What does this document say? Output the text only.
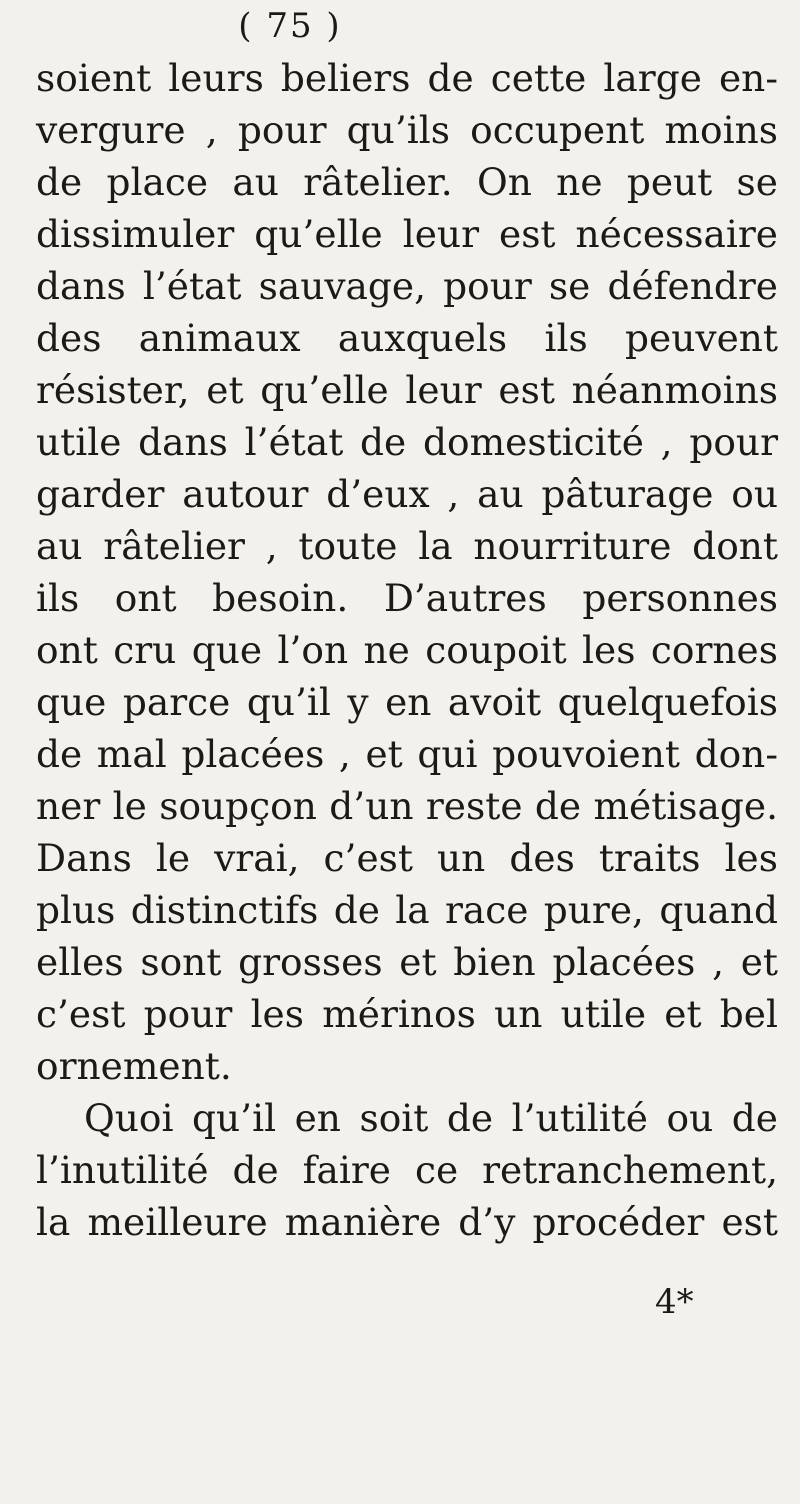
( 75 )
soient leurs beliers de cette large en-
vergure , pour qu’ils occupent moins
de place au râtelier. On ne peut se
dissimuler qu’elle leur est nécessaire
dans l’état sauvage, pour se défendre
des animaux auxquels ils peuvent
résister, et qu’elle leur est néanmoins
utile dans l’état de domesticité , pour
garder autour d’eux , au pâturage ou
au râtelier , toute la nourriture dont
ils ont besoin. D’autres personnes
ont cru que l’on ne coupoit les cornes
que parce qu’il y en avoit quelquefois
de mal placées , et qui pouvoient don-
ner le soupçon d’un reste de métisage.
Dans le vrai, c’est un des traits les
plus distinctifs de la race pure, quand
elles sont grosses et bien placées , et
c’est pour les mérinos un utile et bel
ornement.
Quoi qu’il en soit de l’utilité ou de
l’inutilité de faire ce retranchement,
la meilleure manière d’y procéder est
4*
